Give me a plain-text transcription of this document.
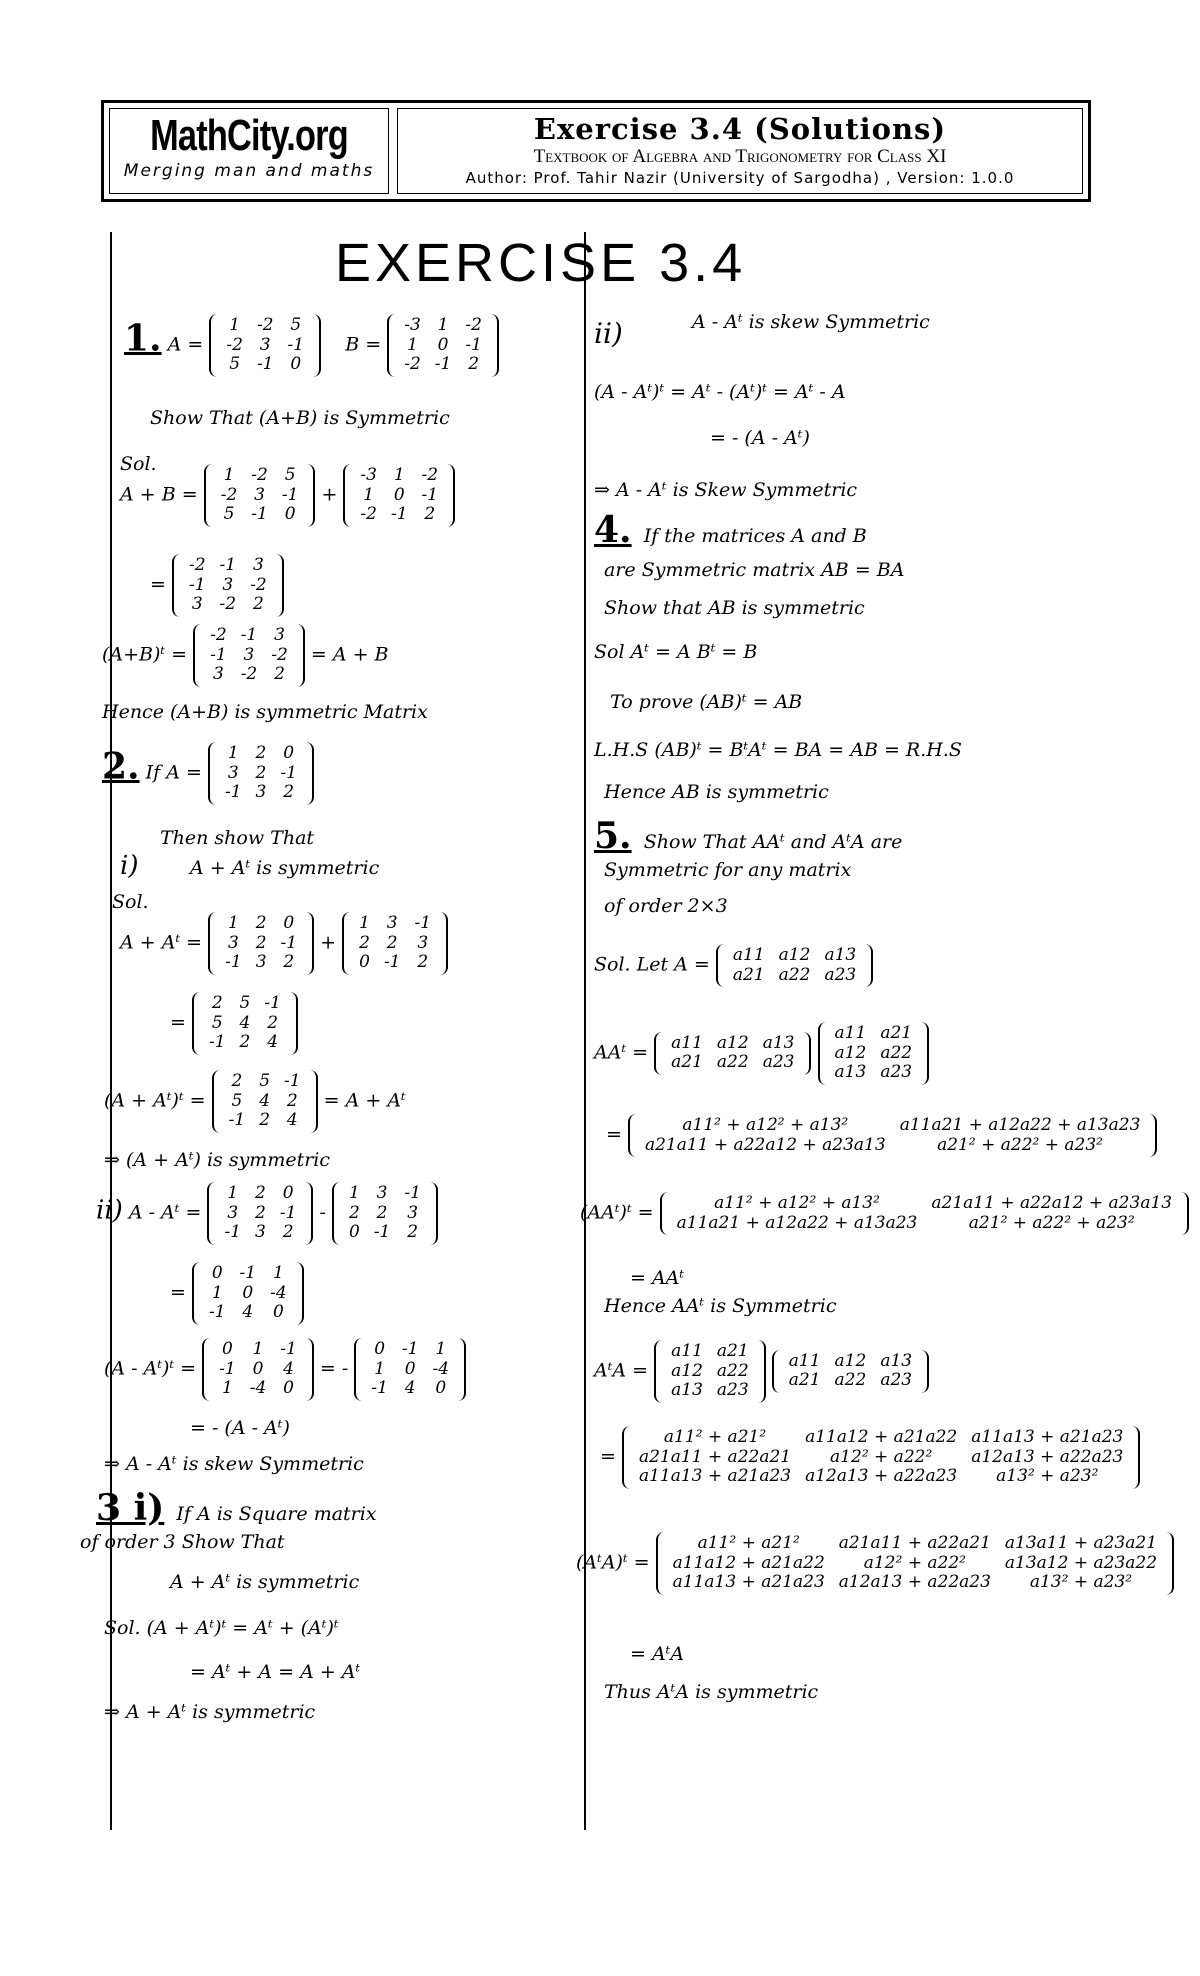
MathCity.org
Merging man and maths
Exercise 3.4 (Solutions)
Textbook of Algebra and Trigonometry for Class XI
Author: Prof. Tahir Nazir (University of Sargodha) , Version: 1.0.0
EXERCISE 3.4
1. A =
1	-2	5
-2	3	-1
5	-1	0
B =
-3	1	-2
1	0	-1
-2	-1	2
Show That (A+B) is Symmetric
Sol.
A + B =
1	-2	5
-2	3	-1
5	-1	0
+
-3	1	-2
1	0	-1
-2	-1	2
=
-2	-1	3
-1	3	-2
3	-2	2
(A+B)ᵗ =
-2	-1	3
-1	3	-2
3	-2	2
= A + B
Hence (A+B) is symmetric Matrix
2. If A =
1	2	0
3	2	-1
-1	3	2
Then show That
i)	A + Aᵗ is symmetric
Sol.
A + Aᵗ =
1	2	0
3	2	-1
-1	3	2
+
1	3	-1
2	2	3
0	-1	2
=
2	5	-1
5	4	2
-1	2	4
(A + Aᵗ)ᵗ =
2	5	-1
5	4	2
-1	2	4
= A + Aᵗ
⇒ (A + Aᵗ) is symmetric
ii) A - Aᵗ =
1	2	0
3	2	-1
-1	3	2
-
1	3	-1
2	2	3
0	-1	2
=
0	-1	1
1	0	-4
-1	4	0
(A - Aᵗ)ᵗ =
0	1	-1
-1	0	4
1	-4	0
= -
0	-1	1
1	0	-4
-1	4	0
= - (A - Aᵗ)
⇒ A - Aᵗ is skew Symmetric
3 i) If A is Square matrix
of order 3 Show That
A + Aᵗ is symmetric
Sol. (A + Aᵗ)ᵗ = Aᵗ + (Aᵗ)ᵗ
= Aᵗ + A = A + Aᵗ
⇒ A + Aᵗ is symmetric
ii)	A - Aᵗ is skew Symmetric
(A - Aᵗ)ᵗ = Aᵗ - (Aᵗ)ᵗ = Aᵗ - A
= - (A - Aᵗ)
⇒ A - Aᵗ is Skew Symmetric
4. If the matrices A and B
are Symmetric matrix AB = BA
Show that AB is symmetric
Sol Aᵗ = A Bᵗ = B
To prove (AB)ᵗ = AB
L.H.S (AB)ᵗ = BᵗAᵗ = BA = AB = R.H.S
Hence AB is symmetric
5. Show That AAᵗ and AᵗA are
Symmetric for any matrix
of order 2×3
Sol. Let A = a11	a12	a13
a21	a22	a23
AAᵗ = a11	a12	a13
a21	a22	a23

a11	a21
a12	a22
a13	a23
=	a11² + a12² + a13²	a11a21 + a12a22 + a13a23
a21a11 + a22a12 + a23a13	a21² + a22² + a23²
(AAᵗ)ᵗ =	a11² + a12² + a13²	a21a11 + a22a12 + a23a13
a11a21 + a12a22 + a13a23	a21² + a22² + a23²
= AAᵗ
Hence AAᵗ is Symmetric
AᵗA =
a11	a21
a12	a22
a13	a23

a11	a12	a13
a21	a22	a23
=
a11² + a21²	a11a12 + a21a22	a11a13 + a21a23
a21a11 + a22a21	a12² + a22²	a12a13 + a22a23
a11a13 + a21a23	a12a13 + a22a23	a13² + a23²
(AᵗA)ᵗ =
a11² + a21²	a21a11 + a22a21	a13a11 + a23a21
a11a12 + a21a22	a12² + a22²	a13a12 + a23a22
a11a13 + a21a23	a12a13 + a22a23	a13² + a23²
= AᵗA
Thus AᵗA is symmetric
